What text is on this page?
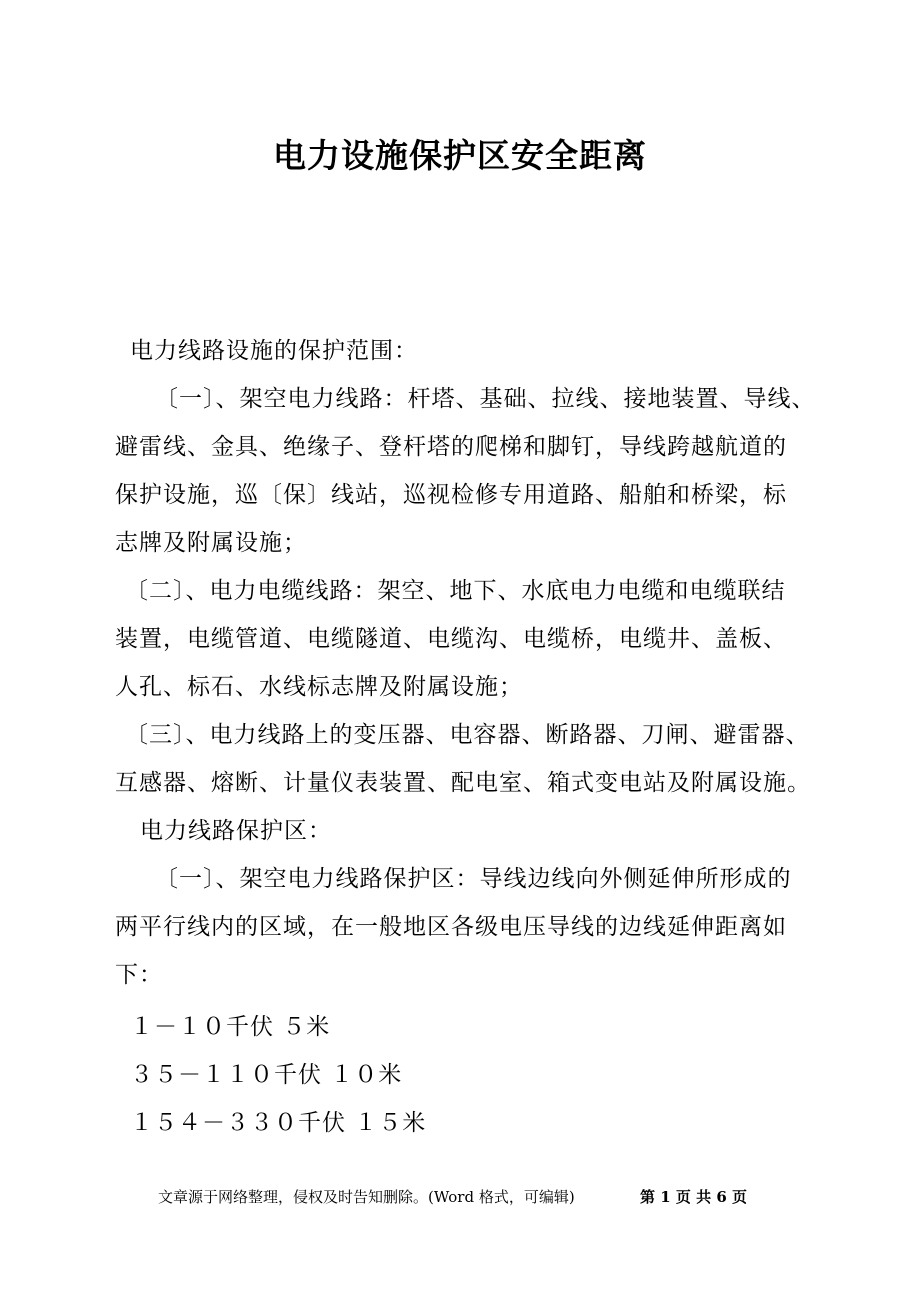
电力设施保护区安全距离
电力线路设施的保护范围：
〔一〕、架空电力线路：杆塔、基础、拉线、接地装置、导线、
避雷线、金具、绝缘子、登杆塔的爬梯和脚钉，导线跨越航道的
保护设施，巡〔保〕线站，巡视检修专用道路、船舶和桥梁，标
志牌及附属设施；
〔二〕、电力电缆线路：架空、地下、水底电力电缆和电缆联结
装置，电缆管道、电缆隧道、电缆沟、电缆桥，电缆井、盖板、
人孔、标石、水线标志牌及附属设施；
〔三〕、电力线路上的变压器、电容器、断路器、刀闸、避雷器、
互感器、熔断、计量仪表装置、配电室、箱式变电站及附属设施。
电力线路保护区：
〔一〕、架空电力线路保护区：导线边线向外侧延伸所形成的
两平行线内的区域，在一般地区各级电压导线的边线延伸距离如
下：
１－１０千伏 ５米
３５－１１０千伏 １０米
１５４－３３０千伏 １５米
文章源于网络整理，侵权及时告知删除。(Word 格式，可编辑)	第 1 页 共 6 页
